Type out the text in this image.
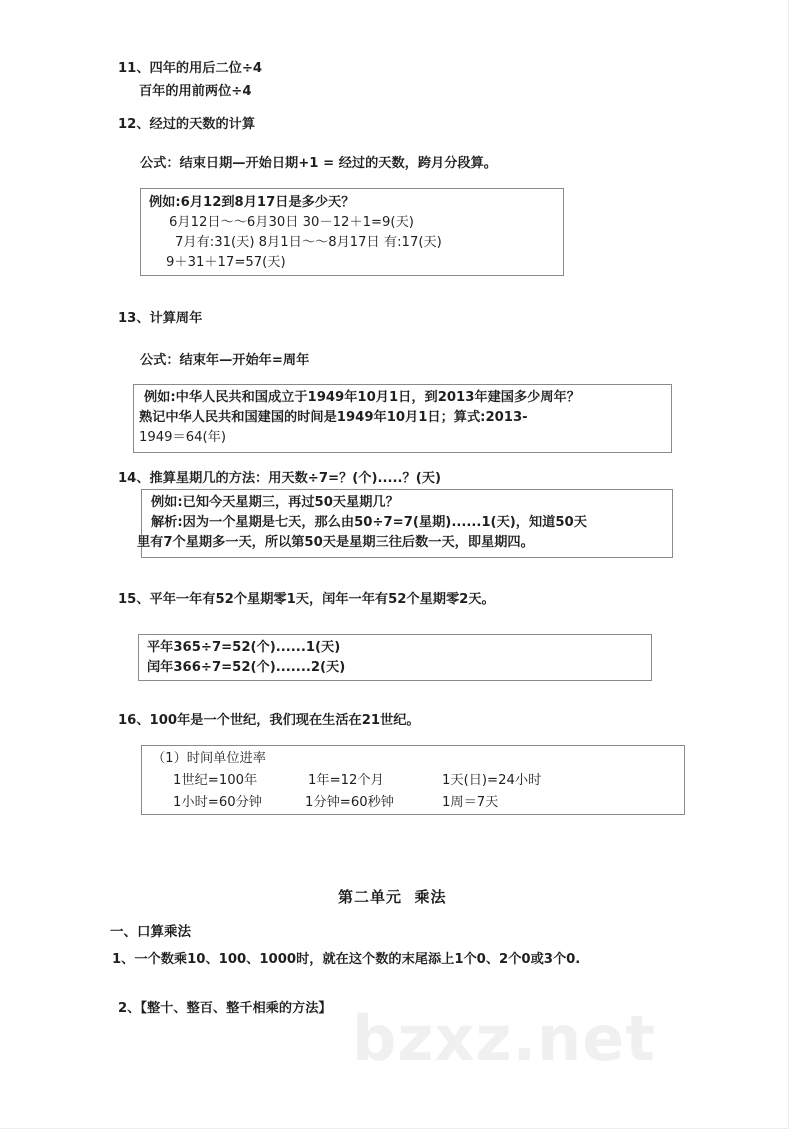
11、四年的用后二位÷4
百年的用前两位÷4
12、经过的天数的计算
公式：结束日期—开始日期+1 = 经过的天数，跨月分段算。
例如:6月12到8月17日是多少天？
6月12日～～6月30日 30－12＋1=9(天)
7月有:31(天) 8月1日～～8月17日 有:17(天)
9＋31＋17=57(天)
13、计算周年
公式：结束年—开始年=周年
例如:中华人民共和国成立于1949年10月1日，到2013年建国多少周年？
熟记中华人民共和国建国的时间是1949年10月1日；算式:2013-
1949＝64(年)
14、推算星期几的方法：用天数÷7=？(个).....？(天)
例如:已知今天星期三，再过50天星期几？
解析:因为一个星期是七天，那么由50÷7=7(星期)......1(天)，知道50天
里有7个星期多一天，所以第50天是星期三往后数一天，即星期四。
15、平年一年有52个星期零1天，闰年一年有52个星期零2天。
平年365÷7=52(个)......1(天)
闰年366÷7=52(个).......2(天)
16、100年是一个世纪，我们现在生活在21世纪。
（1）时间单位进率
1世纪=100年	1年=12个月	1天(日)=24小时
1小时=60分钟	1分钟=60秒钟	1周＝7天
第二单元  乘法
一、口算乘法
1、一个数乘10、100、1000时，就在这个数的末尾添上1个0、2个0或3个0.
2、【整十、整百、整千相乘的方法】 bzxz.net
